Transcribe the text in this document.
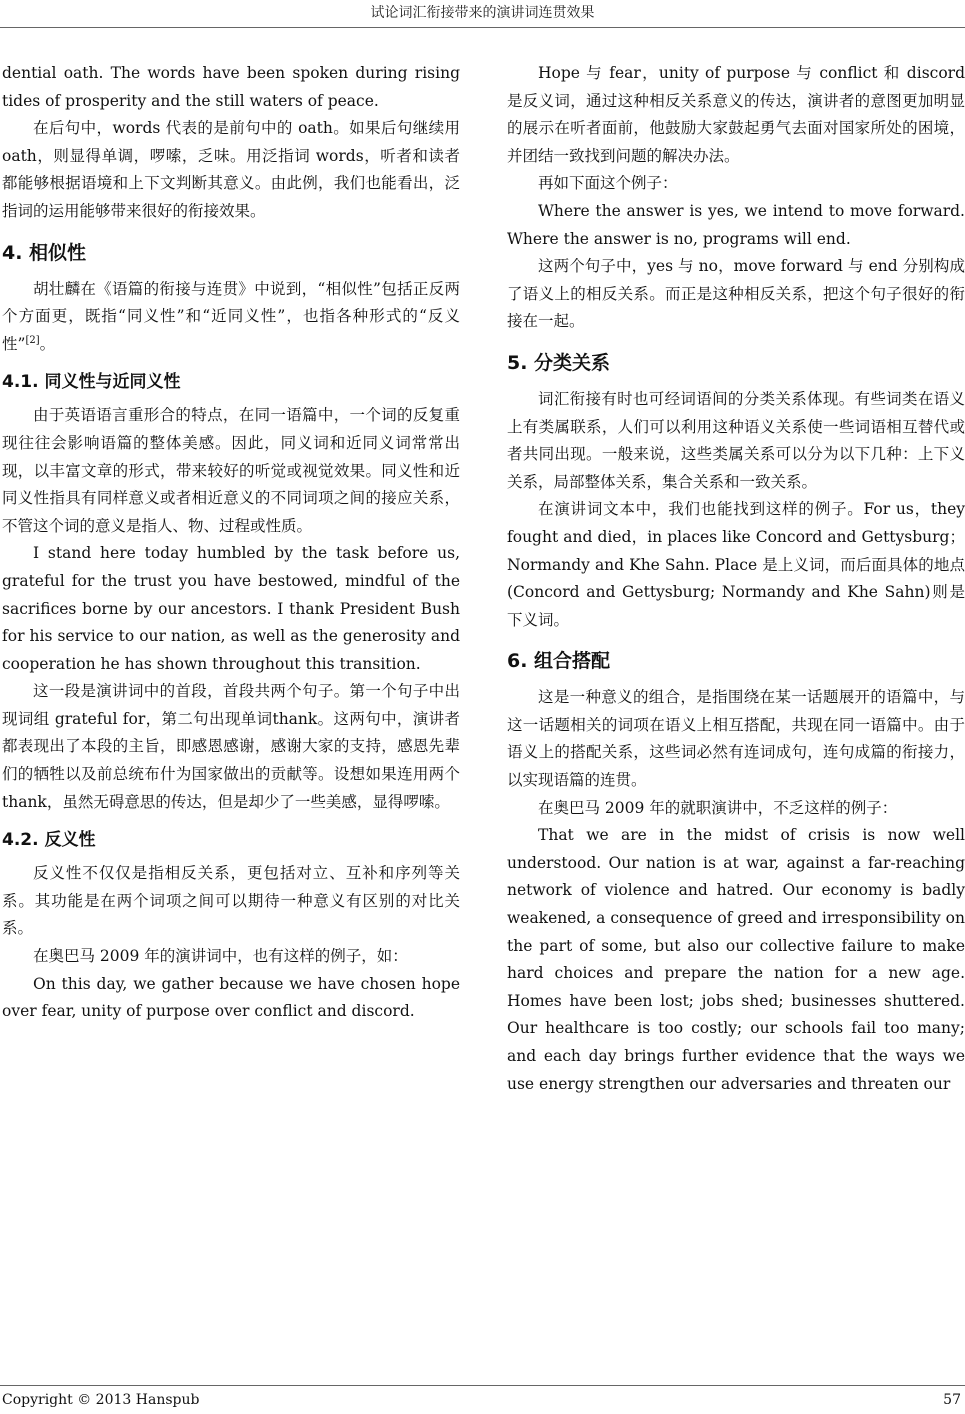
试论词汇衔接带来的演讲词连贯效果

dential oath. The words have been spoken during rising tides of prosperity and the still waters of peace.

在后句中，words 代表的是前句中的 oath。如果后句继续用 oath，则显得单调，啰嗦，乏味。用泛指词 words，听者和读者都能够根据语境和上下文判断其意义。由此例，我们也能看出，泛指词的运用能够带来很好的衔接效果。

4. 相似性

胡壮麟在《语篇的衔接与连贯》中说到，“相似性”包括正反两个方面更，既指“同义性”和“近同义性”，也指各种形式的“反义性”[2]。

4.1. 同义性与近同义性

由于英语语言重形合的特点，在同一语篇中，一个词的反复重现往往会影响语篇的整体美感。因此，同义词和近同义词常常出现，以丰富文章的形式，带来较好的听觉或视觉效果。同义性和近同义性指具有同样意义或者相近意义的不同词项之间的接应关系，不管这个词的意义是指人、物、过程或性质。

I stand here today humbled by the task before us, grateful for the trust you have bestowed, mindful of the sacrifices borne by our ancestors. I thank President Bush for his service to our nation, as well as the generosity and cooperation he has shown throughout this transition.

这一段是演讲词中的首段，首段共两个句子。第一个句子中出现词组 grateful for，第二句出现单词thank。这两句中，演讲者都表现出了本段的主旨，即感恩感谢，感谢大家的支持，感恩先辈们的牺牲以及前总统布什为国家做出的贡献等。设想如果连用两个thank，虽然无碍意思的传达，但是却少了一些美感，显得啰嗦。

4.2. 反义性

反义性不仅仅是指相反关系，更包括对立、互补和序列等关系。其功能是在两个词项之间可以期待一种意义有区别的对比关系。

在奥巴马 2009 年的演讲词中，也有这样的例子，如：

On this day, we gather because we have chosen hope over fear, unity of purpose over conflict and discord.

Hope 与 fear，unity of purpose 与 conflict 和 discord 是反义词，通过这种相反关系意义的传达，演讲者的意图更加明显的展示在听者面前，他鼓励大家鼓起勇气去面对国家所处的困境，并团结一致找到问题的解决办法。

再如下面这个例子：

Where the answer is yes, we intend to move forward. Where the answer is no, programs will end.

这两个句子中，yes 与 no，move forward 与 end 分别构成了语义上的相反关系。而正是这种相反关系，把这个句子很好的衔接在一起。

5. 分类关系

词汇衔接有时也可经词语间的分类关系体现。有些词类在语义上有类属联系，人们可以利用这种语义关系使一些词语相互替代或者共同出现。一般来说，这些类属关系可以分为以下几种：上下义关系，局部整体关系，集合关系和一致关系。

在演讲词文本中，我们也能找到这样的例子。For us，they fought and died，in places like Concord and Gettysburg；Normandy and Khe Sahn. Place 是上义词，而后面具体的地点(Concord and Gettysburg; Normandy and Khe Sahn)则是下义词。

6. 组合搭配

这是一种意义的组合，是指围绕在某一话题展开的语篇中，与这一话题相关的词项在语义上相互搭配，共现在同一语篇中。由于语义上的搭配关系，这些词必然有连词成句，连句成篇的衔接力，以实现语篇的连贯。

在奥巴马 2009 年的就职演讲中，不乏这样的例子：

That we are in the midst of crisis is now well understood. Our nation is at war, against a far-reaching network of violence and hatred. Our economy is badly weakened, a consequence of greed and irresponsibility on the part of some, but also our collective failure to make hard choices and prepare the nation for a new age. Homes have been lost; jobs shed; businesses shuttered. Our healthcare is too costly; our schools fail too many; and each day brings further evidence that the ways we use energy strengthen our adversaries and threaten our

Copyright © 2013 Hanspub	57
